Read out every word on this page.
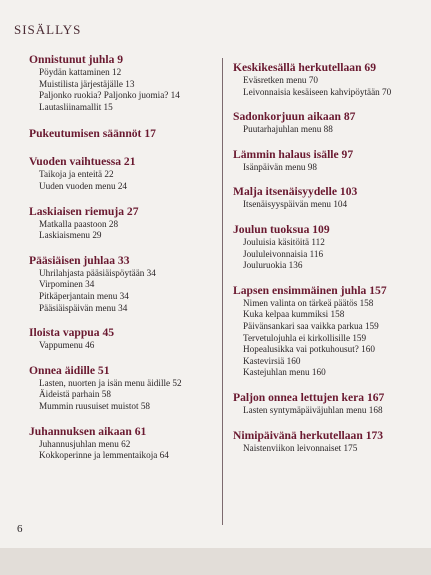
SISÄLLYS
Onnistunut juhla 9
Pöydän kattaminen 12
Muistilista järjestäjälle 13
Paljonko ruokia? Paljonko juomia? 14
Lautasliinamallit 15
Pukeutumisen säännöt 17
Vuoden vaihtuessa 21
Taikoja ja enteitä 22
Uuden vuoden menu 24
Laskiaisen riemuja 27
Matkalla paastoon 28
Laskiaismenu 29
Pääsiäisen juhlaa 33
Uhrilahjasta pääsiäispöytään 34
Virpominen 34
Pitkäperjantain menu 34
Pääsiäispäivän menu 34
Iloista vappua 45
Vappumenu 46
Onnea äidille 51
Lasten, nuorten ja isän menu äidille 52
Äideistä parhain 58
Mummin ruusuiset muistot 58
Juhannuksen aikaan 61
Juhannusjuhlan menu 62
Kokkoperinne ja lemmentaikoja 64
Keskikesällä herkutellaan 69
Eväsretken menu 70
Leivonnaisia kesäiseen kahvipöytään 70
Sadonkorjuun aikaan 87
Puutarhajuhlan menu 88
Lämmin halaus isälle 97
Isänpäivän menu 98
Malja itsenäisyydelle 103
Itsenäisyyspäivän menu 104
Joulun tuoksua 109
Jouluisia käsitöitä 112
Joululeivonnaisia 116
Jouluruokia 136
Lapsen ensimmäinen juhla 157
Nimen valinta on tärkeä päätös 158
Kuka kelpaa kummiksi 158
Päivänsankari saa vaikka parkua 159
Tervetulojuhla ei kirkollisille 159
Hopealusikka vai potkuhousut? 160
Kastevirsiä 160
Kastejuhlan menu 160
Paljon onnea lettujen kera 167
Lasten syntymäpäiväjuhlan menu 168
Nimipäivänä herkutellaan 173
Naistenviikon leivonnaiset 175
6
